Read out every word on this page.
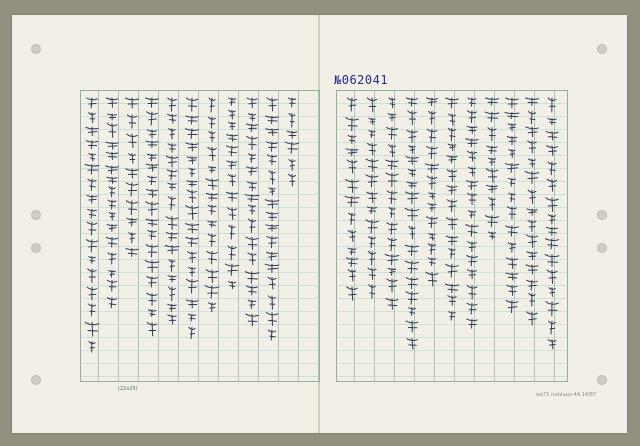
№062041
(22x25)
wx71 rudeuuu-44 14/87
